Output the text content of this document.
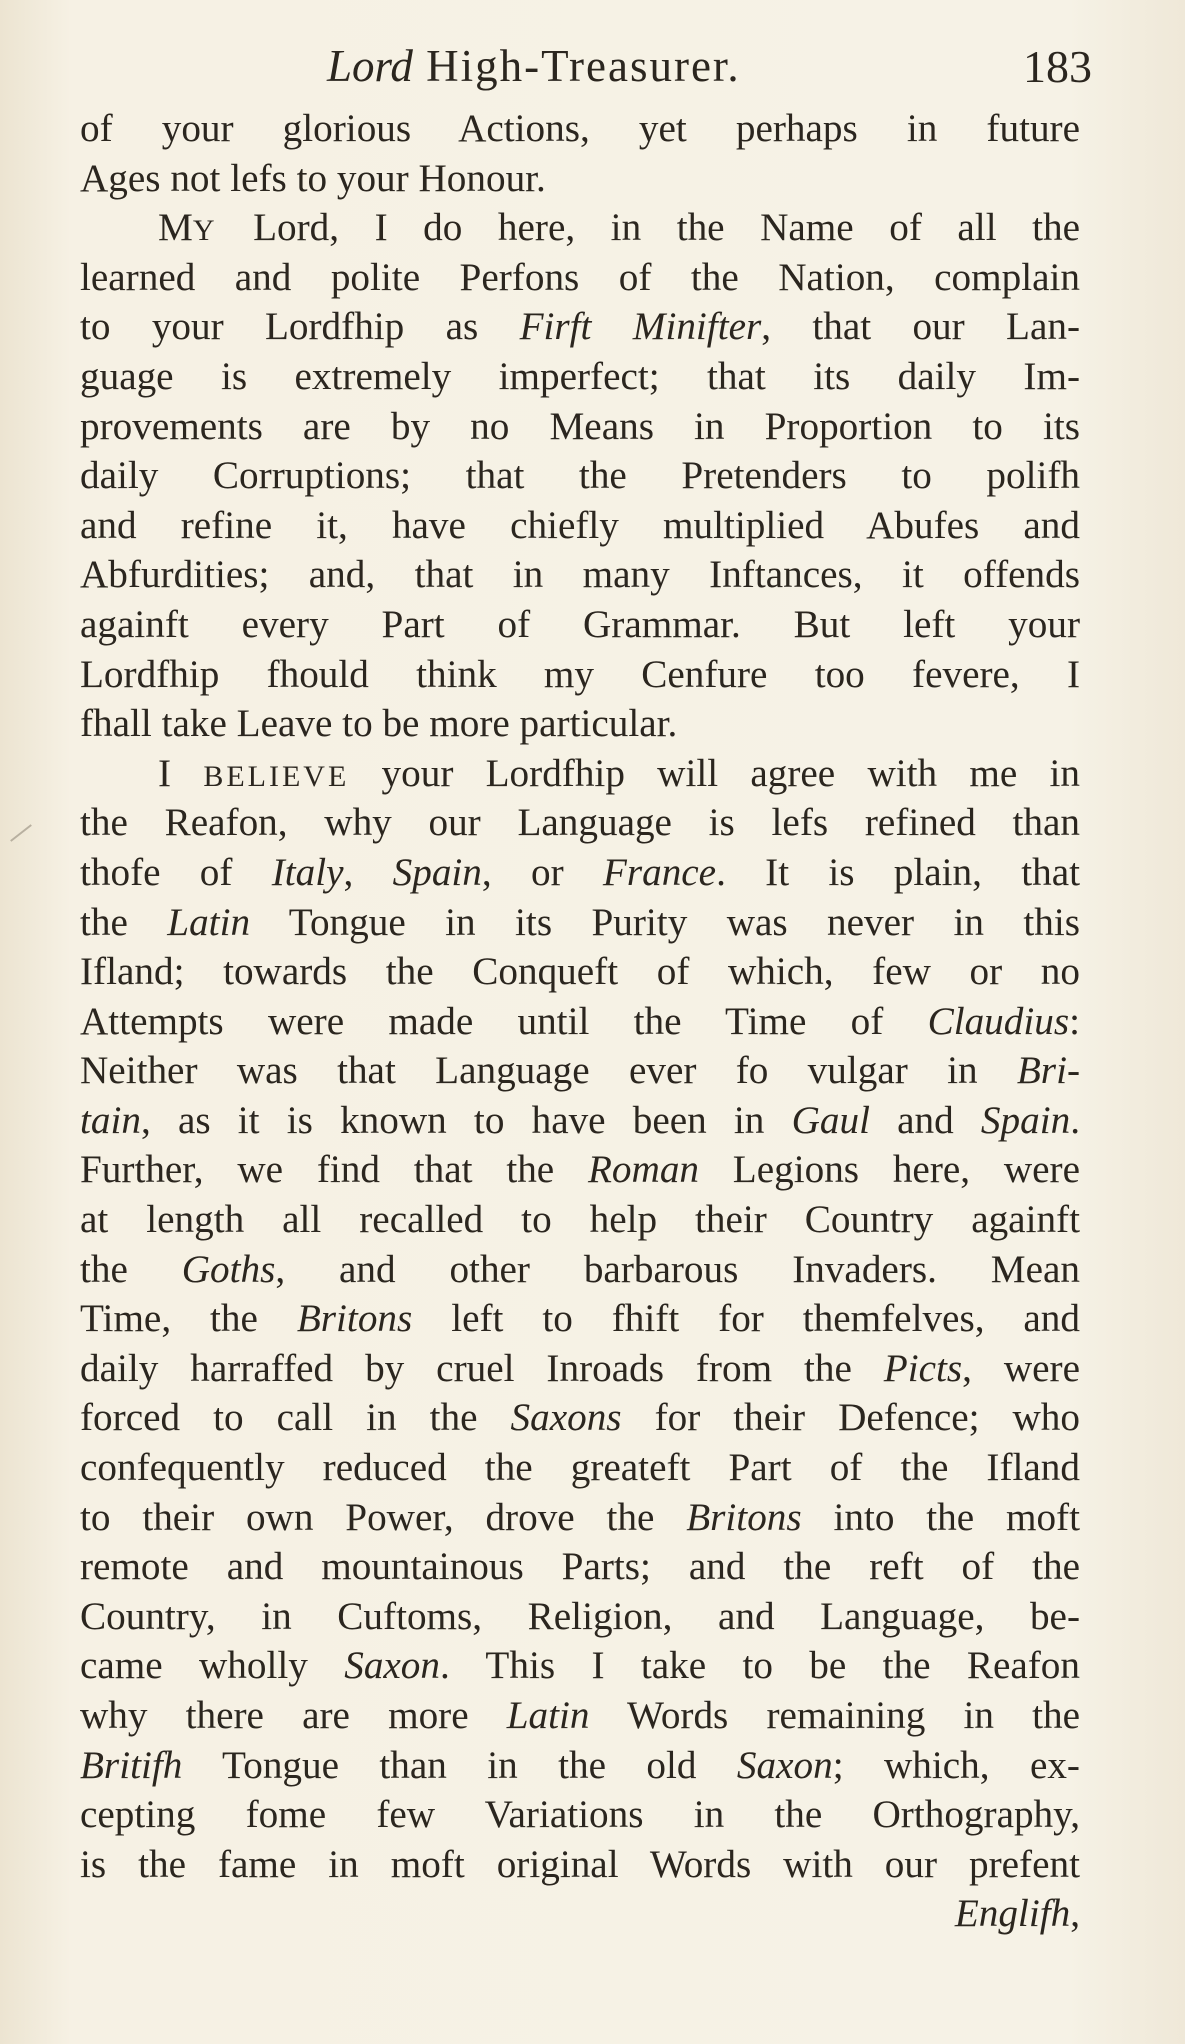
Lord High-Treasurer.	183
of your glorious Actions, yet perhaps in future
Ages not lefs to your Honour.
MY Lord, I do here, in the Name of all the
learned and polite Perfons of the Nation, complain
to your Lordfhip as Firft Minifter, that our Lan-
guage is extremely imperfect; that its daily Im-
provements are by no Means in Proportion to its
daily Corruptions; that the Pretenders to polifh
and refine it, have chiefly multiplied Abufes and
Abfurdities; and, that in many Inftances, it offends
againft every Part of Grammar. But left your
Lordfhip fhould think my Cenfure too fevere, I
fhall take Leave to be more particular.
I BELIEVE your Lordfhip will agree with me in
the Reafon, why our Language is lefs refined than
thofe of Italy, Spain, or France. It is plain, that
the Latin Tongue in its Purity was never in this
Ifland; towards the Conqueft of which, few or no
Attempts were made until the Time of Claudius:
Neither was that Language ever fo vulgar in Bri-
tain, as it is known to have been in Gaul and Spain.
Further, we find that the Roman Legions here, were
at length all recalled to help their Country againft
the Goths, and other barbarous Invaders. Mean
Time, the Britons left to fhift for themfelves, and
daily harraffed by cruel Inroads from the Picts, were
forced to call in the Saxons for their Defence; who
confequently reduced the greateft Part of the Ifland
to their own Power, drove the Britons into the moft
remote and mountainous Parts; and the reft of the
Country, in Cuftoms, Religion, and Language, be-
came wholly Saxon. This I take to be the Reafon
why there are more Latin Words remaining in the
Britifh Tongue than in the old Saxon; which, ex-
cepting fome few Variations in the Orthography,
is the fame in moft original Words with our prefent
Englifh,
